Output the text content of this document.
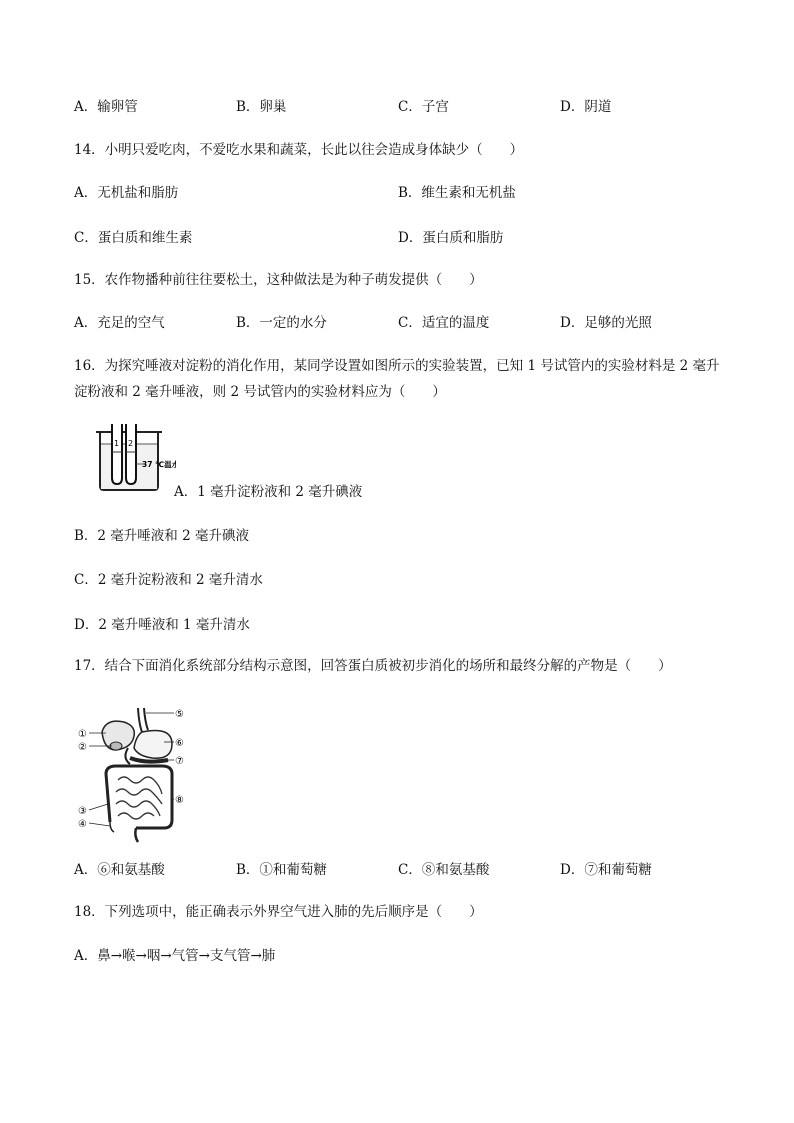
A．输卵管	B．卵巢	C．子宫	D．阴道
14．小明只爱吃肉，不爱吃水果和蔬菜，长此以往会造成身体缺少（　　）
A．无机盐和脂肪	B．维生素和无机盐
C．蛋白质和维生素	D．蛋白质和脂肪
15．农作物播种前往往要松土，这种做法是为种子萌发提供（　　）
A．充足的空气	B．一定的水分	C．适宜的温度	D．足够的光照
16．为探究唾液对淀粉的消化作用，某同学设置如图所示的实验装置，已知 1 号试管内的实验材料是 2 毫升淀粉液和 2 毫升唾液，则 2 号试管内的实验材料应为（　　）
1 2
37 ℃温水
A．1 毫升淀粉液和 2 毫升碘液
B．2 毫升唾液和 2 毫升碘液
C．2 毫升淀粉液和 2 毫升清水
D．2 毫升唾液和 1 毫升清水
17．结合下面消化系统部分结构示意图，回答蛋白质被初步消化的场所和最终分解的产物是（　　）
①
②
③
④
⑤
⑥
⑦
⑧
A．⑥和氨基酸	B．①和葡萄糖	C．⑧和氨基酸	D．⑦和葡萄糖
18．下列选项中，能正确表示外界空气进入肺的先后顺序是（　　）
A．鼻→喉→咽→气管→支气管→肺
